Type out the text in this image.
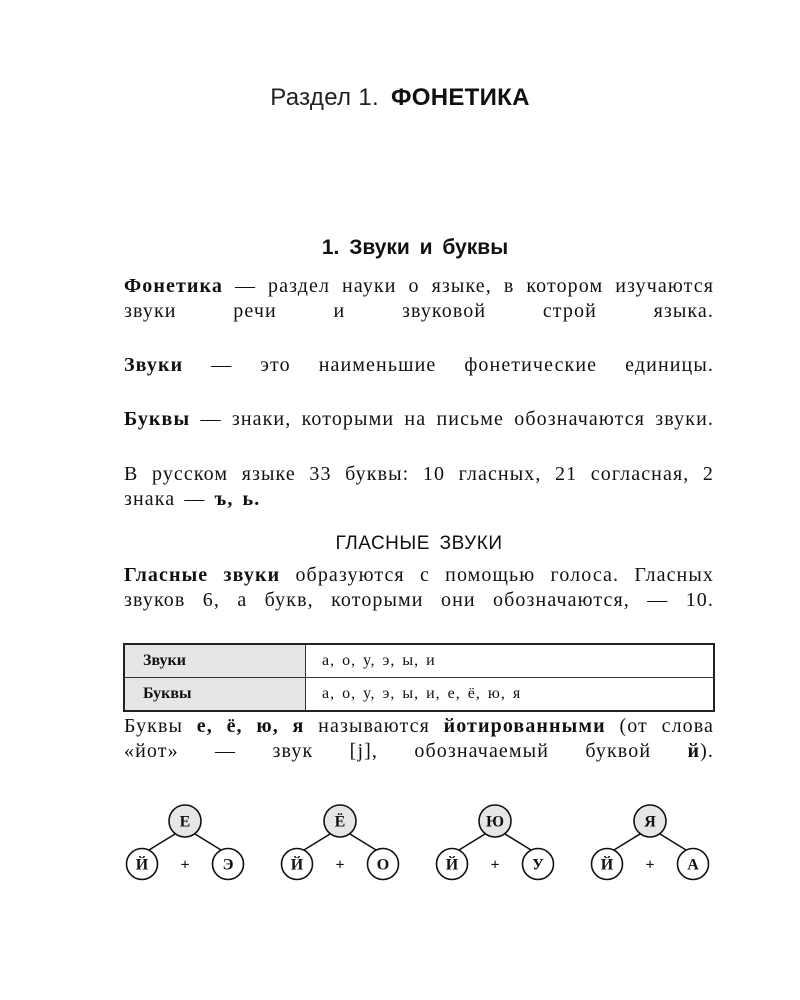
Раздел 1. ФОНЕТИКА
1. Звуки и буквы

Фонетика — раздел науки о языке, в котором изучаются звуки речи и звуковой строй языка.

Звуки — это наименьшие фонетические единицы.

Буквы — знаки, которыми на письме обозначаются звуки.

В русском языке 33 буквы: 10 гласных, 21 согласная, 2 знака — ъ, ь.

ГЛАСНЫЕ ЗВУКИ

Гласные звуки образуются с помощью голоса. Гласных звуков 6, а букв, которыми они обозначаются, — 10.

Звуки	а, о, у, э, ы, и
Буквы	а, о, у, э, ы, и, е, ё, ю, я

Буквы е, ё, ю, я называются йотированными (от слова «йот» — звук [j], обозначаемый буквой й).

Е
Й + Э
Ё
Й + О
Ю
Й + У
Я
Й + А
